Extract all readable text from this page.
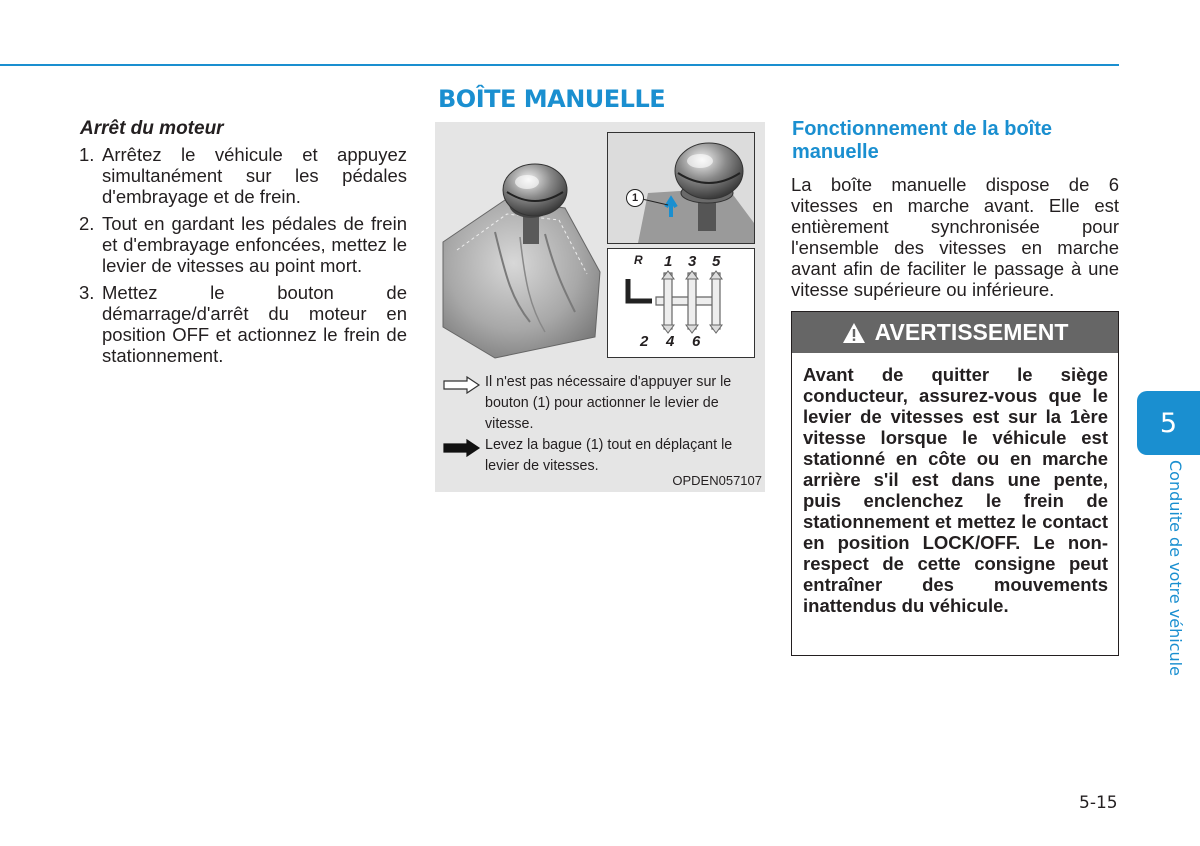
BOÎTE MANUELLE
Arrêt du moteur
1. Arrêtez le véhicule et appuyez simultanément sur les pédales d'embrayage et de frein.
2. Tout en gardant les pédales de frein et d'embrayage enfoncées, mettez le levier de vitesses au point mort.
3. Mettez le bouton de démarrage/d'arrêt du moteur en position OFF et actionnez le frein de stationnement.
1
R 1 3 5
2 4 6
Il n'est pas nécessaire d'appuyer sur le bouton (1) pour actionner le levier de vitesse.
Levez la bague (1) tout en déplaçant le levier de vitesses.
OPDEN057107
Fonctionnement de la boîte manuelle

La boîte manuelle dispose de 6 vitesses en marche avant. Elle est entièrement synchronisée pour l'ensemble des vitesses en marche avant afin de faciliter le passage à une vitesse supérieure ou inférieure.

AVERTISSEMENT
Avant de quitter le siège conducteur, assurez-vous que le levier de vitesses est sur la 1ère vitesse lorsque le véhicule est stationné en côte ou en marche arrière s'il est dans une pente, puis enclenchez le frein de stationnement et mettez le contact en position LOCK/OFF. Le non-respect de cette consigne peut entraîner des mouvements inattendus du véhicule.
5
Conduite de votre véhicule
5-15
